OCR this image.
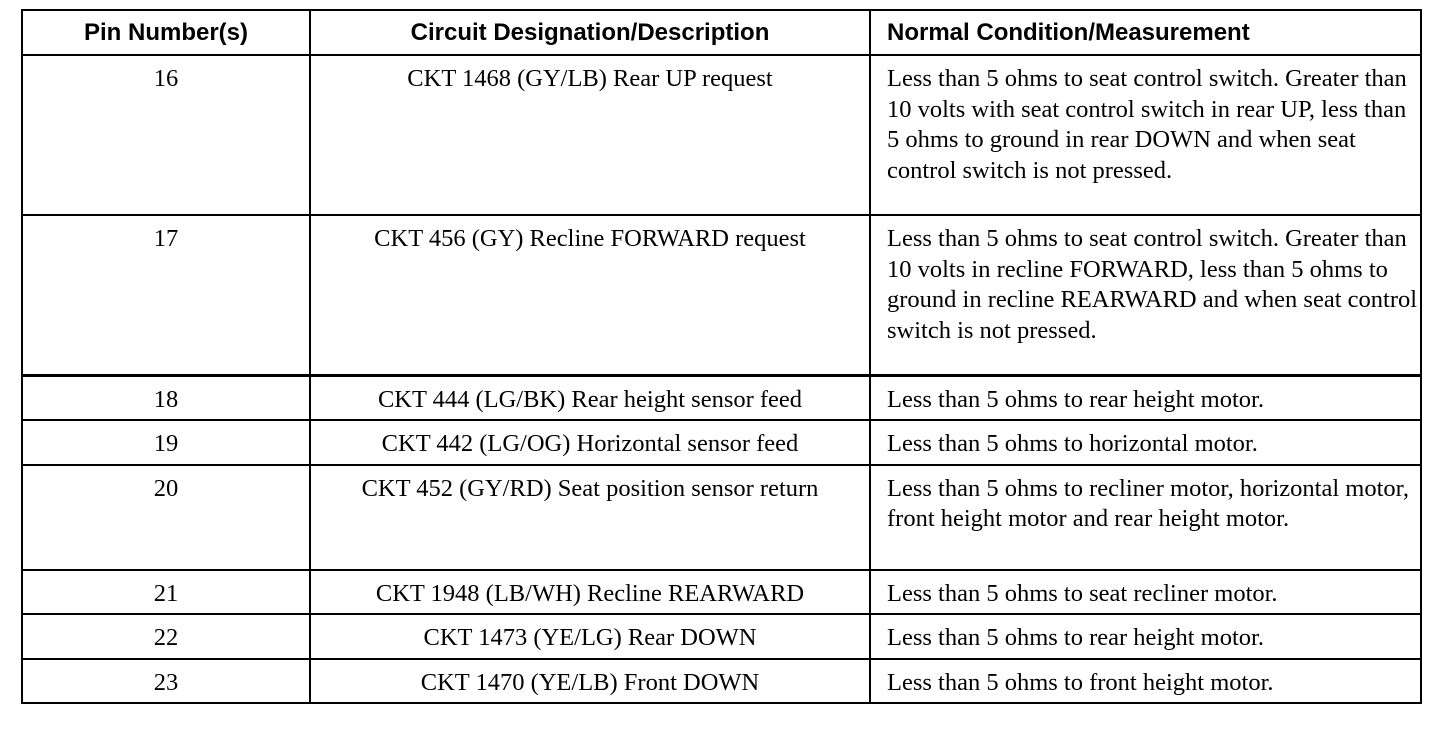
Pin Number(s)	Circuit Designation/Description	Normal Condition/Measurement
16	CKT 1468 (GY/LB) Rear UP request	Less than 5 ohms to seat control switch. Greater than 10 volts with seat control switch in rear UP, less than 5 ohms to ground in rear DOWN and when seat control switch is not pressed.
17	CKT 456 (GY) Recline FORWARD request	Less than 5 ohms to seat control switch. Greater than 10 volts in recline FORWARD, less than 5 ohms to ground in recline REARWARD and when seat control switch is not pressed.
18	CKT 444 (LG/BK) Rear height sensor feed	Less than 5 ohms to rear height motor.
19	CKT 442 (LG/OG) Horizontal sensor feed	Less than 5 ohms to horizontal motor.
20	CKT 452 (GY/RD) Seat position sensor return	Less than 5 ohms to recliner motor, horizontal motor, front height motor and rear height motor.
21	CKT 1948 (LB/WH) Recline REARWARD	Less than 5 ohms to seat recliner motor.
22	CKT 1473 (YE/LG) Rear DOWN	Less than 5 ohms to rear height motor.
23	CKT 1470 (YE/LB) Front DOWN	Less than 5 ohms to front height motor.
